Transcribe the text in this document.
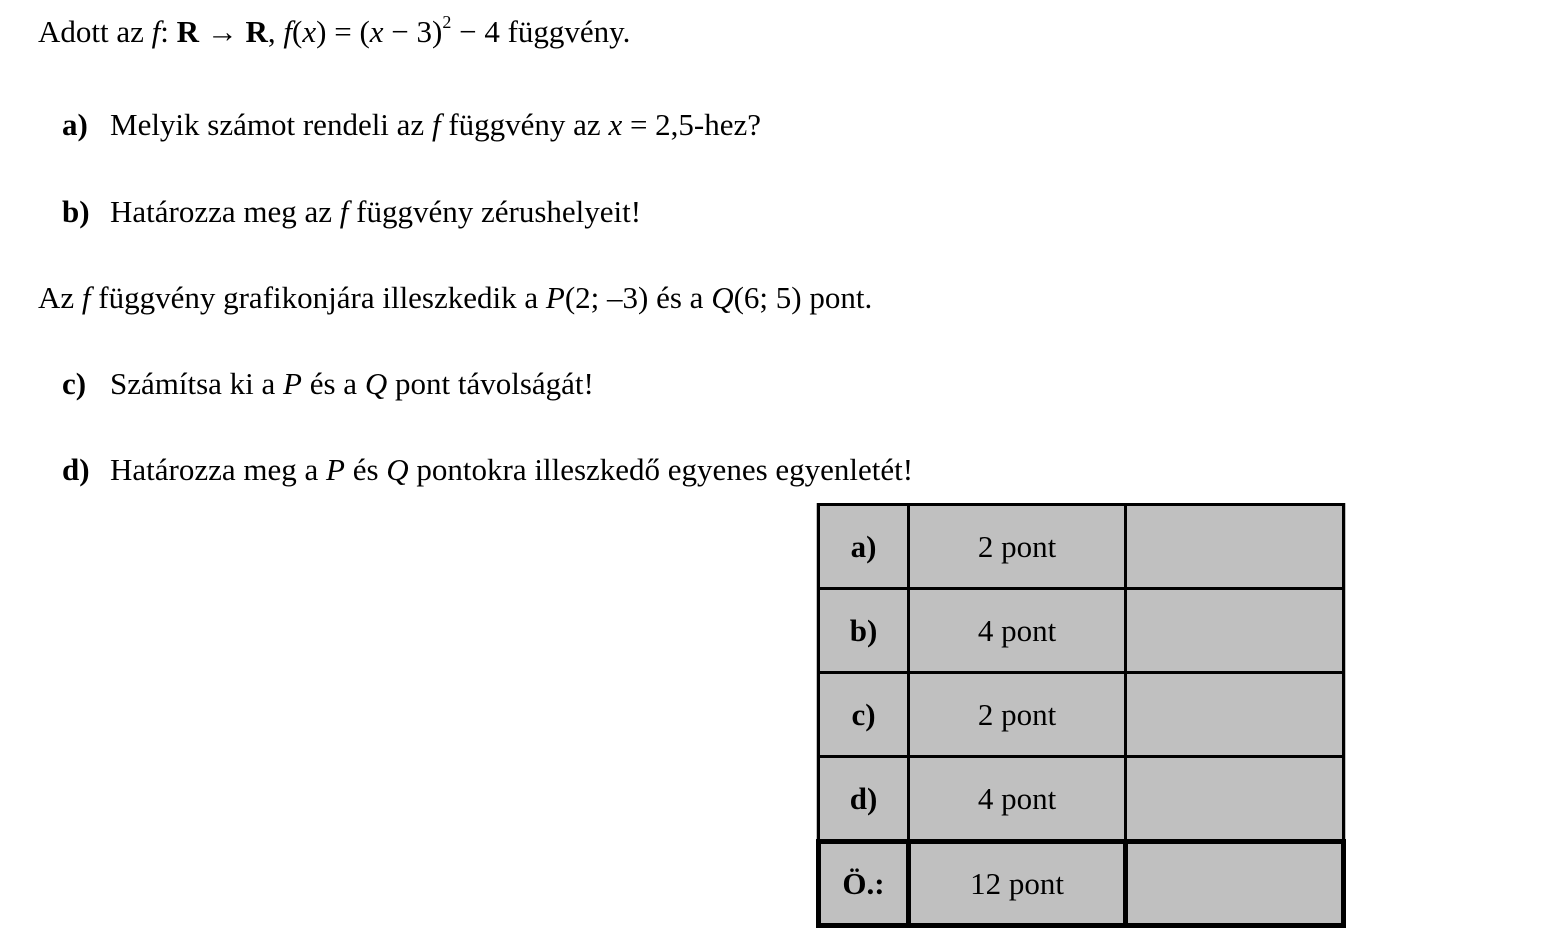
Adott az f: R → R, $f(x) = (x - 3)^2 - 4$ függvény.
a) Melyik számot rendeli az f függvény az x = 2,5-hez?
b) Határozza meg az f függvény zérushelyeit!
Az f függvény grafikonjára illeszkedik a P(2; –3) és a Q(6; 5) pont.
c) Számítsa ki a P és a Q pont távolságát!
d) Határozza meg a P és Q pontokra illeszkedő egyenes egyenletét!
a)	2 pont	
b)	4 pont	
c)	2 pont	
d)	4 pont	
Ö.:	12 pont	
